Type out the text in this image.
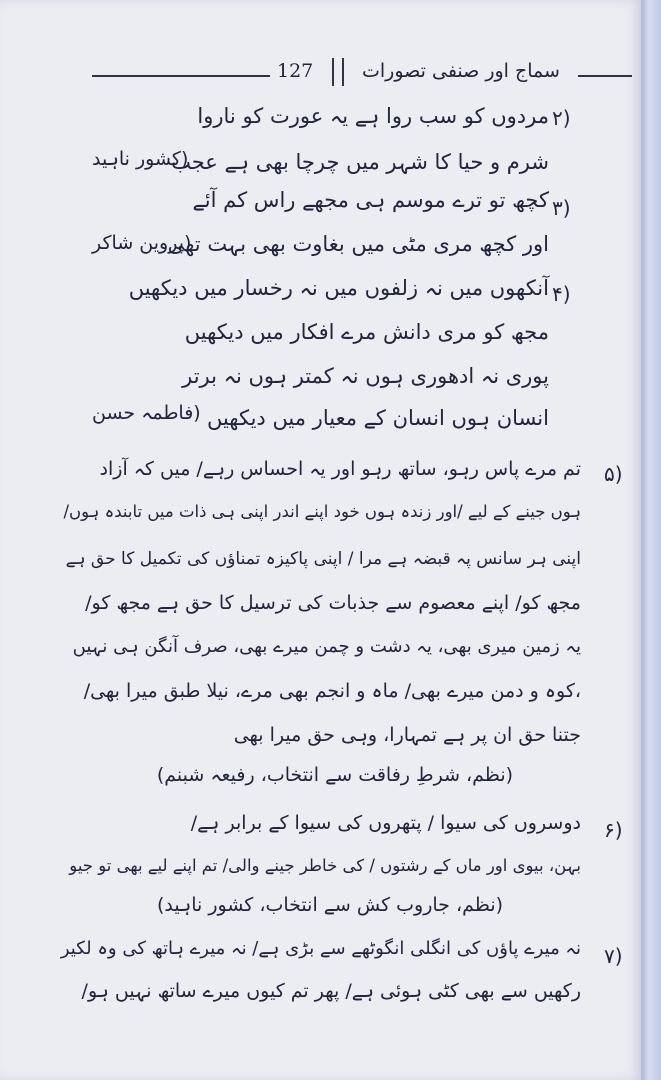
127	سماج اور صنفی تصورات
۲)
مردوں کو سب روا ہے یہ عورت کو ناروا
شرم و حیا کا شہر میں چرچا بھی ہے عجب
(کشور ناہید
۳)
کچھ تو ترے موسم ہی مجھے راس کم آئے
اور کچھ مری مٹی میں بغاوت بھی بہت تھی
(پروین شاکر
۴)
آنکھوں میں نہ زلفوں میں نہ رخسار میں دیکھیں
مجھ کو مری دانش مرے افکار میں دیکھیں
پوری نہ ادھوری ہوں نہ کمتر ہوں نہ برتر
انسان ہوں انسان کے معیار میں دیکھیں
(فاطمہ حسن
۵)
تم مرے پاس رہو، ساتھ رہو اور یہ احساس رہے/ میں کہ آزاد
ہوں جینے کے لیے /اور زندہ ہوں خود اپنے اندر اپنی ہی ذات میں تابندہ ہوں/
اپنی ہر سانس پہ قبضہ ہے مرا / اپنی پاکیزہ تمناؤں کی تکمیل کا حق ہے
مجھ کو/ اپنے معصوم سے جذبات کی ترسیل کا حق ہے مجھ کو/
یہ زمین میری بھی، یہ دشت و چمن میرے بھی، صرف آنگن ہی نہیں
،کوہ و دمن میرے بھی/ ماہ و انجم بھی مرے، نیلا طبق میرا بھی/
جتنا حق ان پر ہے تمہارا، وہی حق میرا بھی
(نظم، شرطِ رفاقت سے انتخاب، رفیعہ شبنم)
۶)
دوسروں کی سیوا / پتھروں کی سیوا کے برابر ہے/
بہن، بیوی اور ماں کے رشتوں / کی خاطر جینے والی/ تم اپنے لیے بھی تو جیو
(نظم، جاروب کش سے انتخاب، کشور ناہید)
۷)
نہ میرے پاؤں کی انگلی انگوٹھے سے بڑی ہے/ نہ میرے ہاتھ کی وہ لکیر
رکھیں سے بھی کٹی ہوئی ہے/ پھر تم کیوں میرے ساتھ نہیں ہو/
